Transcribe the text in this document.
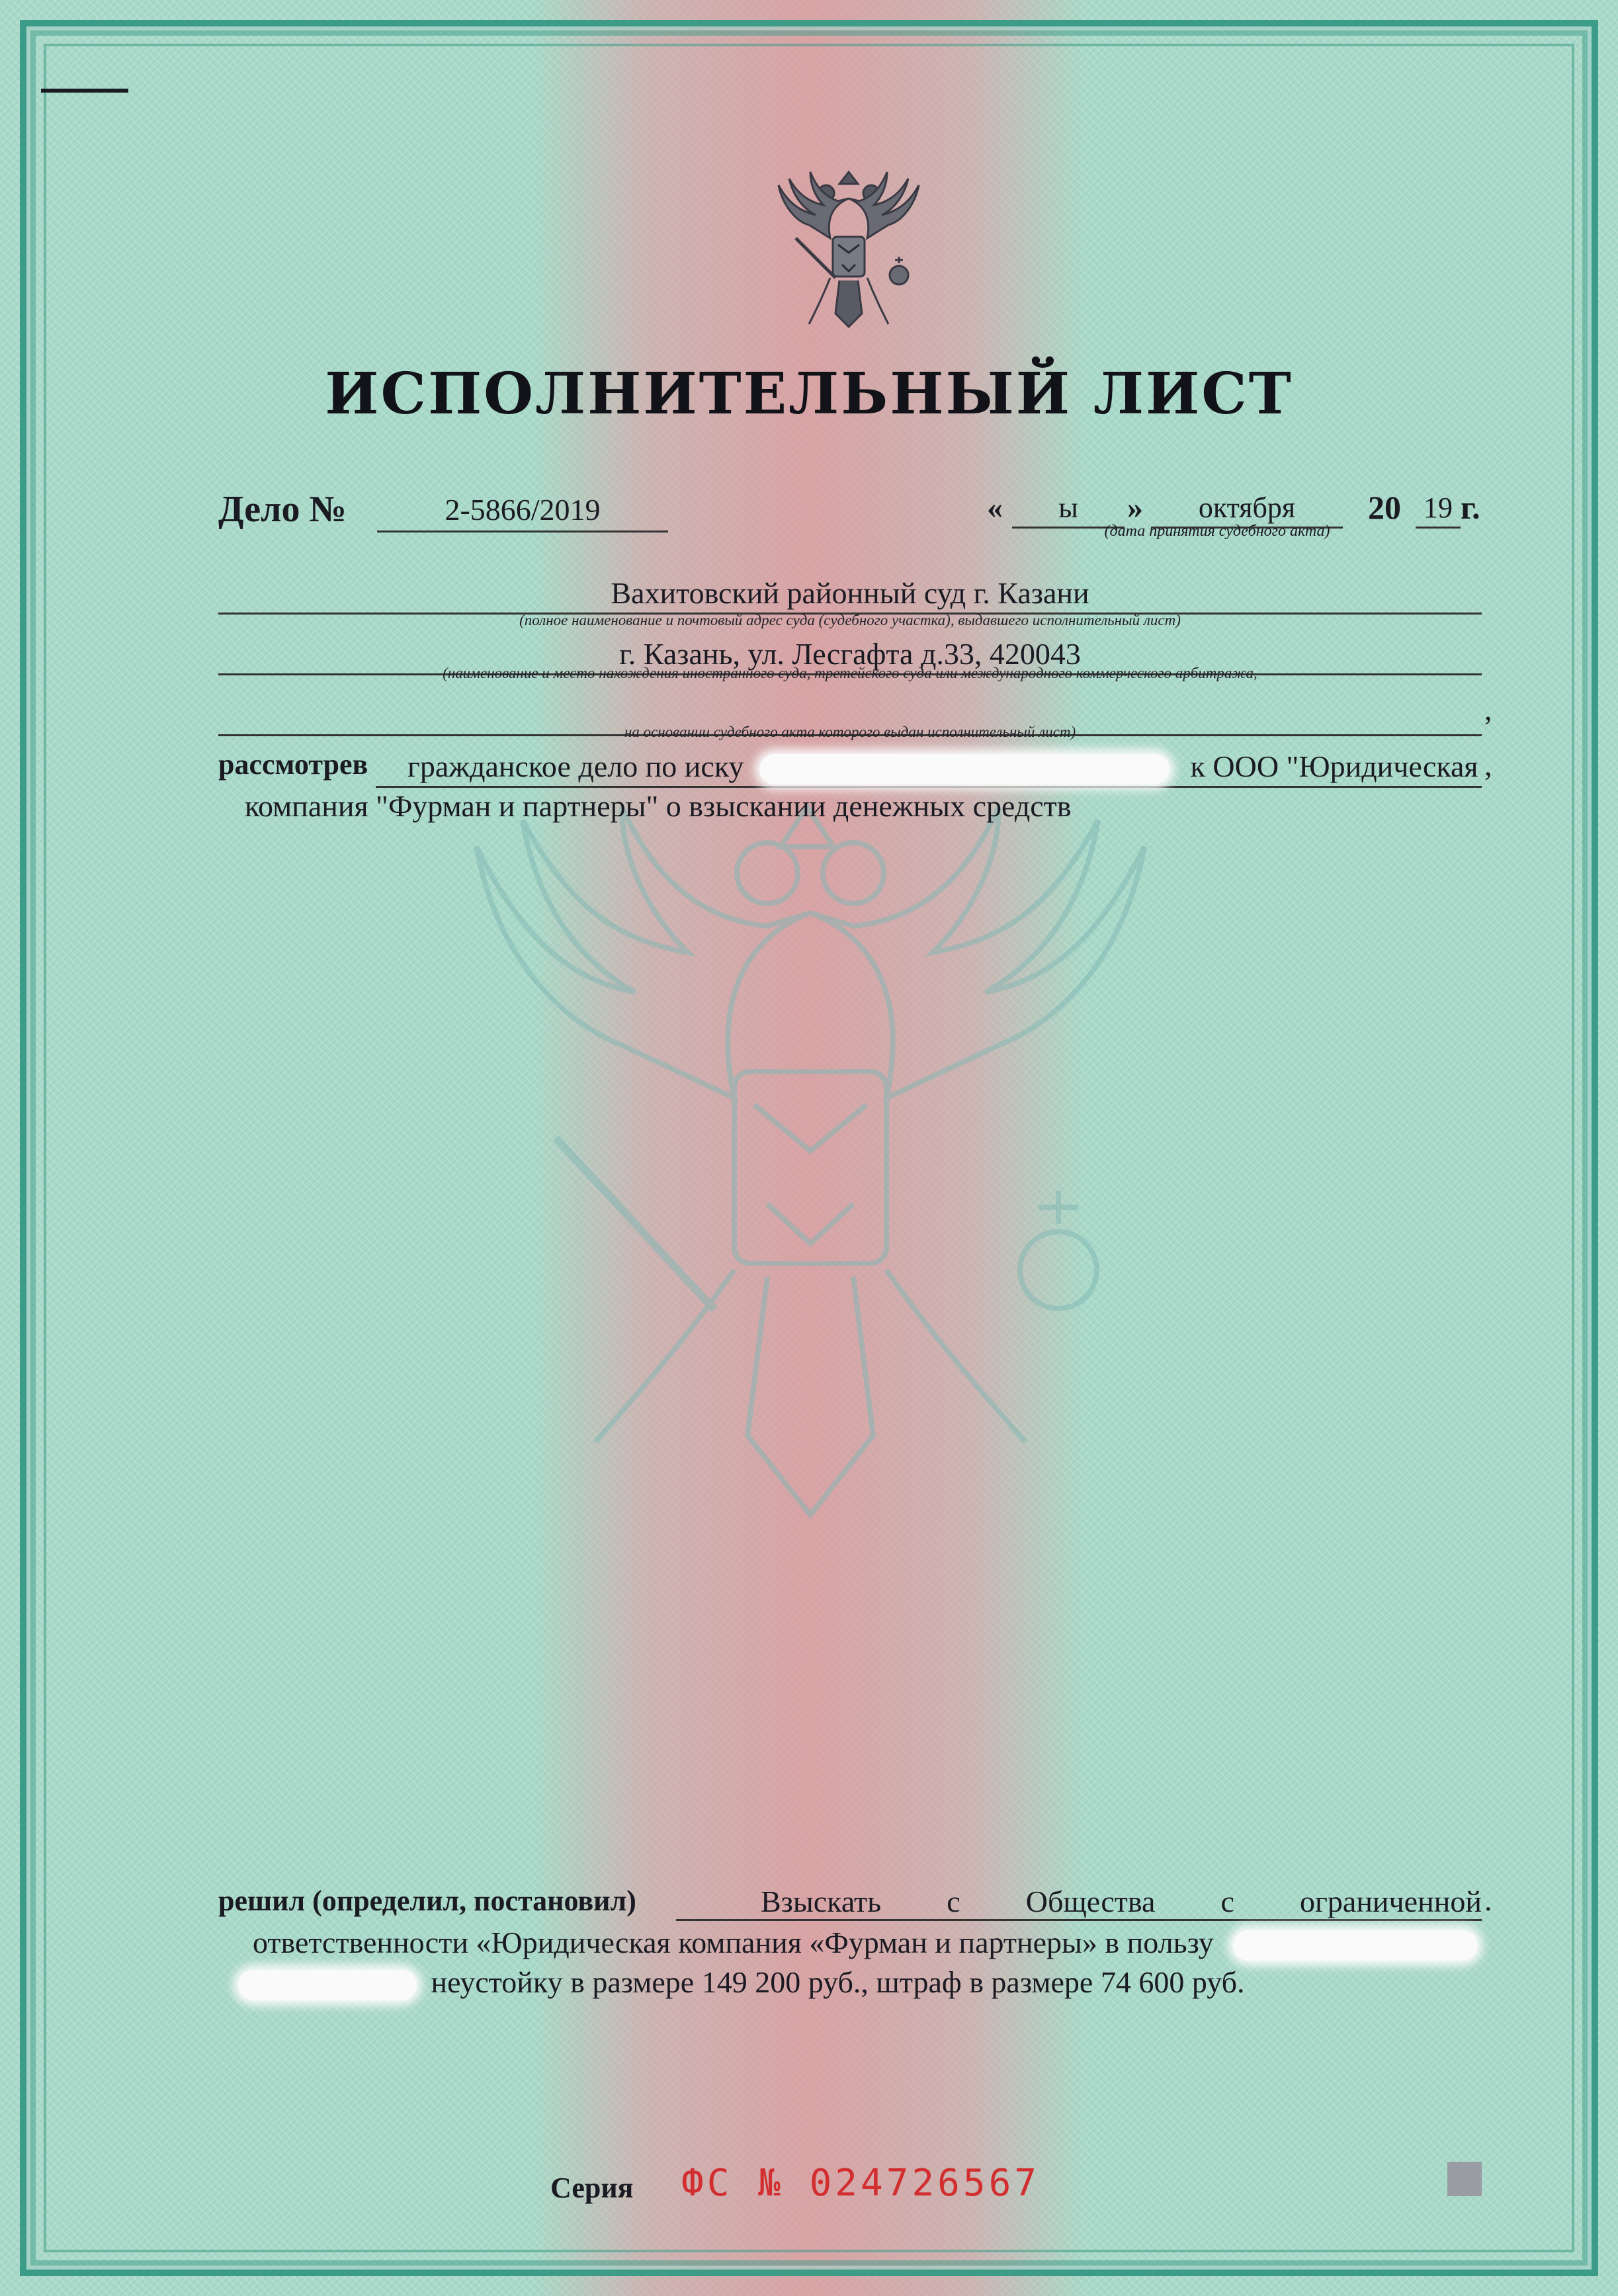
ИСПОЛНИТЕЛЬНЫЙ ЛИСТ
Дело №	2-5866/2019	«	ы	»	октября	20 19 г.
(дата принятия судебного акта)
Вахитовский районный суд г. Казани
(полное наименование и почтовый адрес суда (судебного участка), выдавшего исполнительный лист)
г. Казань, ул. Лесгафта д.33, 420043
(наименование и место нахождения иностранного суда, третейского суда или международного коммерческого арбитража,
,
на основании судебного акта которого выдан исполнительный лист)
рассмотрев	гражданское дело по иску	к ООО "Юридическая ,
компания "Фурман и партнеры" о взыскании денежных средств
решил (определил, постановил)	Взыскать с Общества с ограниченной .
ответственности «Юридическая компания «Фурман и партнеры» в пользу
неустойку в размере 149 200 руб., штраф в размере 74 600 руб.
Серия ФС № 024726567
